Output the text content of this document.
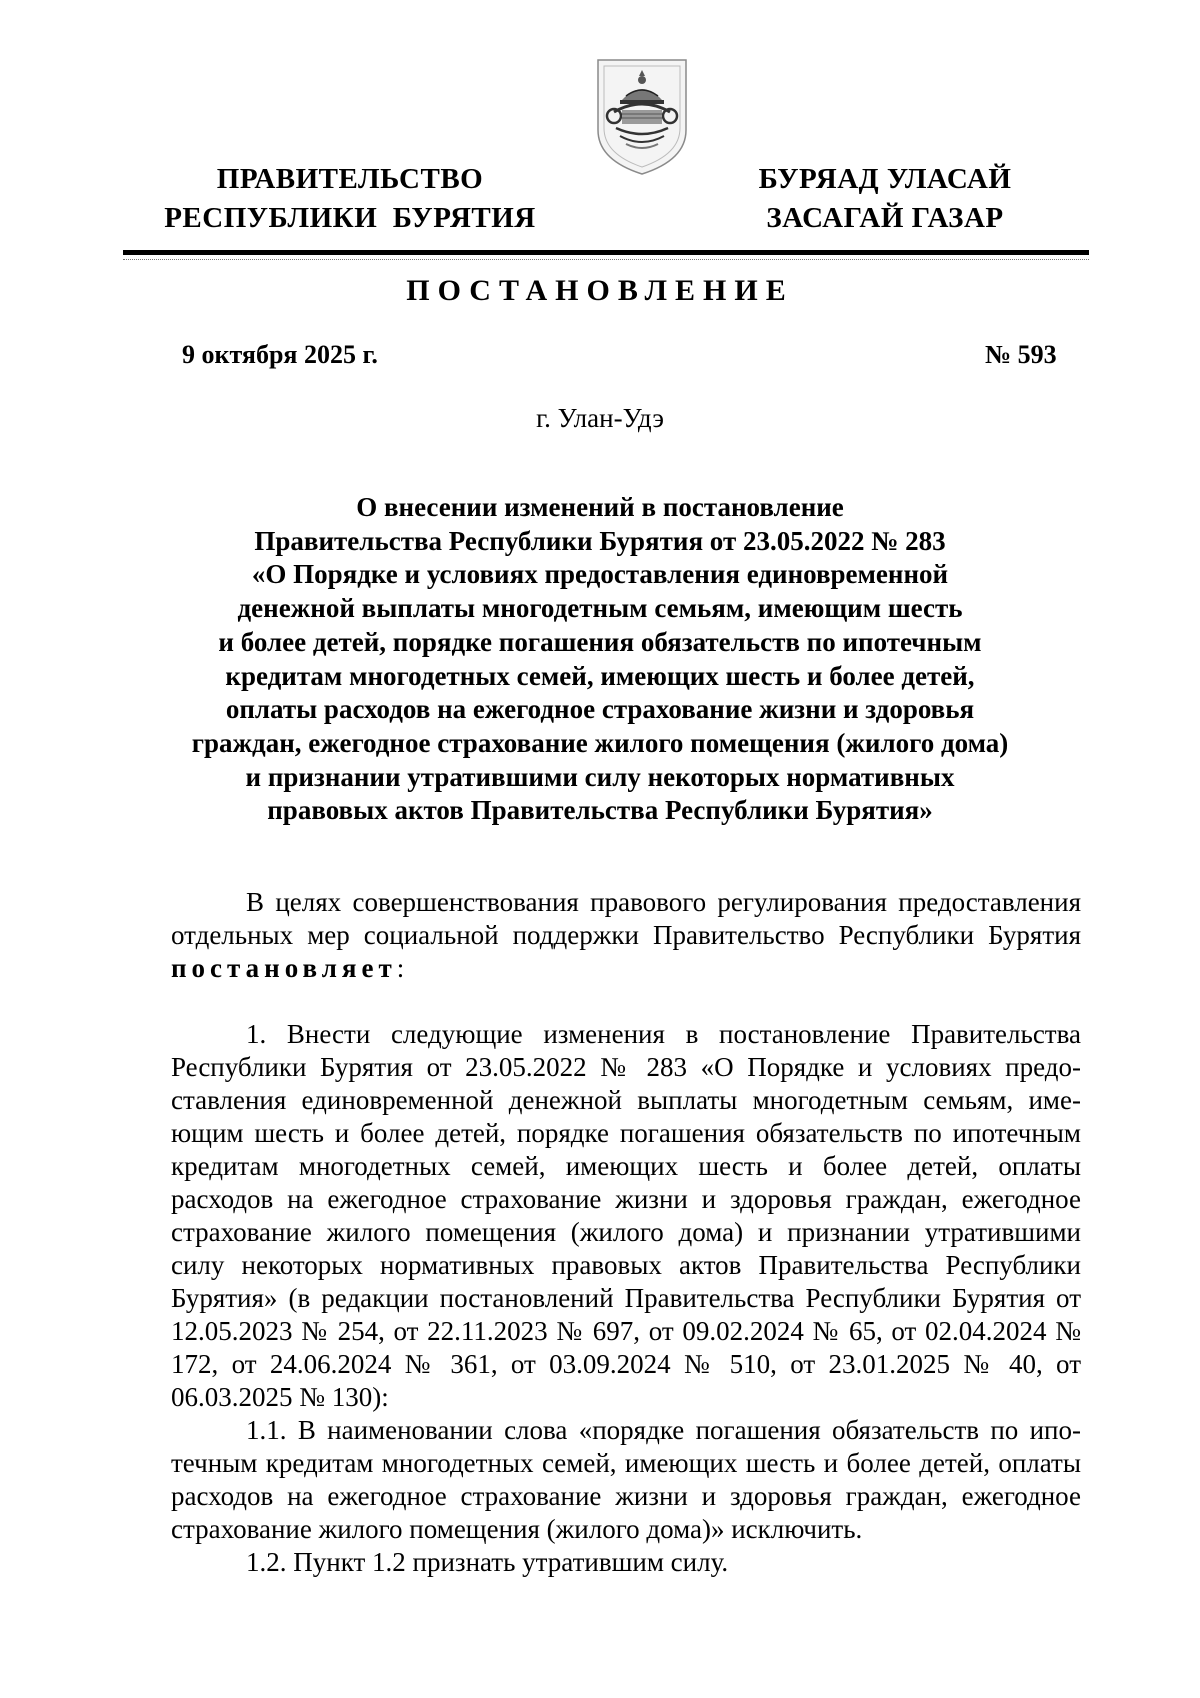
ПРАВИТЕЛЬСТВО
РЕСПУБЛИКИ  БУРЯТИЯ
БУРЯАД УЛАСАЙ
ЗАСАГАЙ ГАЗАР
ПОСТАНОВЛЕНИЕ
9 октября 2025 г.	№ 593
г. Улан-Удэ
О внесении изменений в постановление
Правительства Республики Бурятия от 23.05.2022 № 283
«О Порядке и условиях предоставления единовременной
денежной выплаты многодетным семьям, имеющим шесть
и более детей, порядке погашения обязательств по ипотечным
кредитам многодетных семей, имеющих шесть и более детей,
оплаты расходов на ежегодное страхование жизни и здоровья
граждан, ежегодное страхование жилого помещения (жилого дома)
и признании утратившими силу некоторых нормативных
правовых актов Правительства Республики Бурятия»

В целях совершенствования правового регулирования предоставления отдельных мер социальной поддержки Правительство Республики Бурятия постановляет:

1. Внести следующие изменения в постановление Правительства Республики Бурятия от 23.05.2022 № 283 «О Порядке и условиях предоставления единовременной денежной выплаты многодетным семьям, имеющим шесть и более детей, порядке погашения обязательств по ипотечным кредитам многодетных семей, имеющих шесть и более детей, оплаты расходов на ежегодное страхование жизни и здоровья граждан, ежегодное страхование жилого помещения (жилого дома) и признании утратившими силу некоторых нормативных правовых актов Правительства Республики Бурятия» (в редакции постановлений Правительства Республики Бурятия от 12.05.2023 № 254, от 22.11.2023 № 697, от 09.02.2024 № 65, от 02.04.2024 № 172, от 24.06.2024 № 361, от 03.09.2024 № 510, от 23.01.2025 № 40, от 06.03.2025 № 130):

1.1. В наименовании слова «порядке погашения обязательств по ипотечным кредитам многодетных семей, имеющих шесть и более детей, оплаты расходов на ежегодное страхование жизни и здоровья граждан, ежегодное страхование жилого помещения (жилого дома)» исключить.

1.2. Пункт 1.2 признать утратившим силу.
